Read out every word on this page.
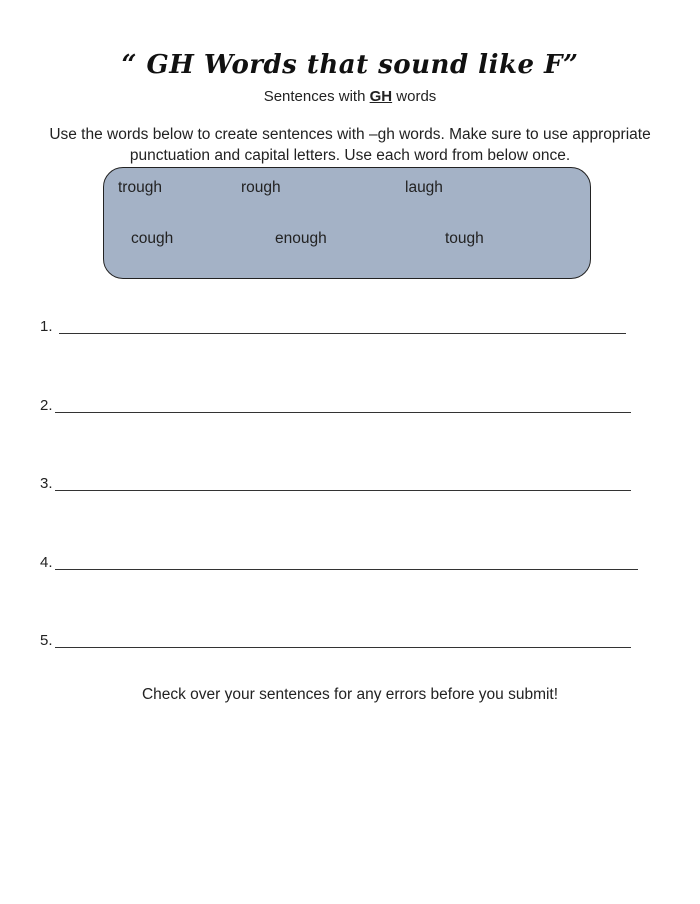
“ GH Words that sound like F”
Sentences with GH words
Use the words below to create sentences with –gh words. Make sure to use appropriate punctuation and capital letters. Use each word from below once.
trough	rough	laugh
cough	enough	tough
1.
2.
3.
4.
5.
Check over your sentences for any errors before you submit!
